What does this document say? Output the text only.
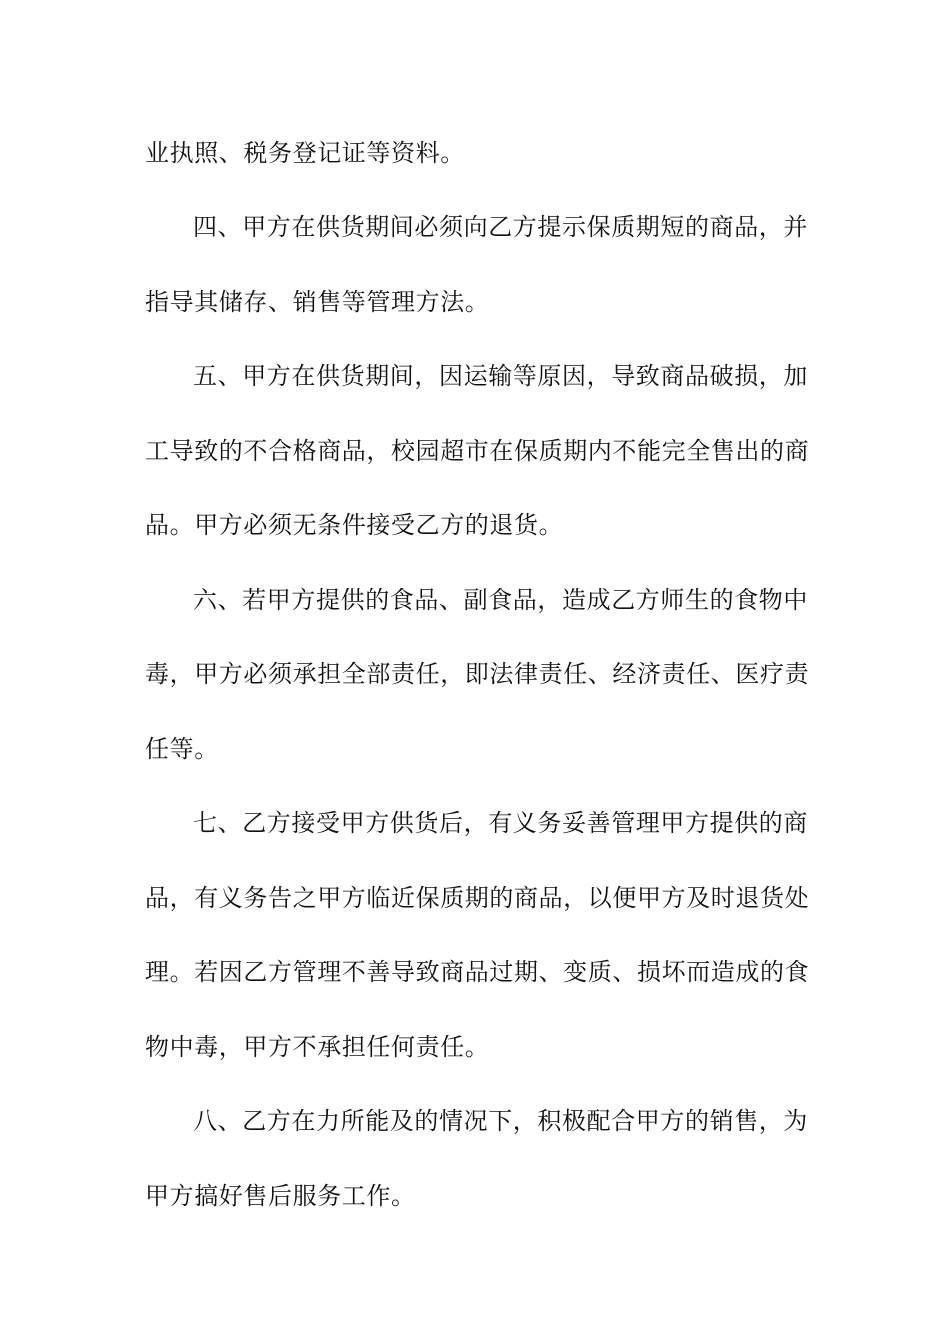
业执照、税务登记证等资料。
四、甲方在供货期间必须向乙方提示保质期短的商品，并
指导其储存、销售等管理方法。
五、甲方在供货期间，因运输等原因，导致商品破损，加
工导致的不合格商品，校园超市在保质期内不能完全售出的商
品。甲方必须无条件接受乙方的退货。
六、若甲方提供的食品、副食品，造成乙方师生的食物中
毒，甲方必须承担全部责任，即法律责任、经济责任、医疗责
任等。
七、乙方接受甲方供货后，有义务妥善管理甲方提供的商
品，有义务告之甲方临近保质期的商品，以便甲方及时退货处
理。若因乙方管理不善导致商品过期、变质、损坏而造成的食
物中毒，甲方不承担任何责任。
八、乙方在力所能及的情况下，积极配合甲方的销售，为
甲方搞好售后服务工作。
